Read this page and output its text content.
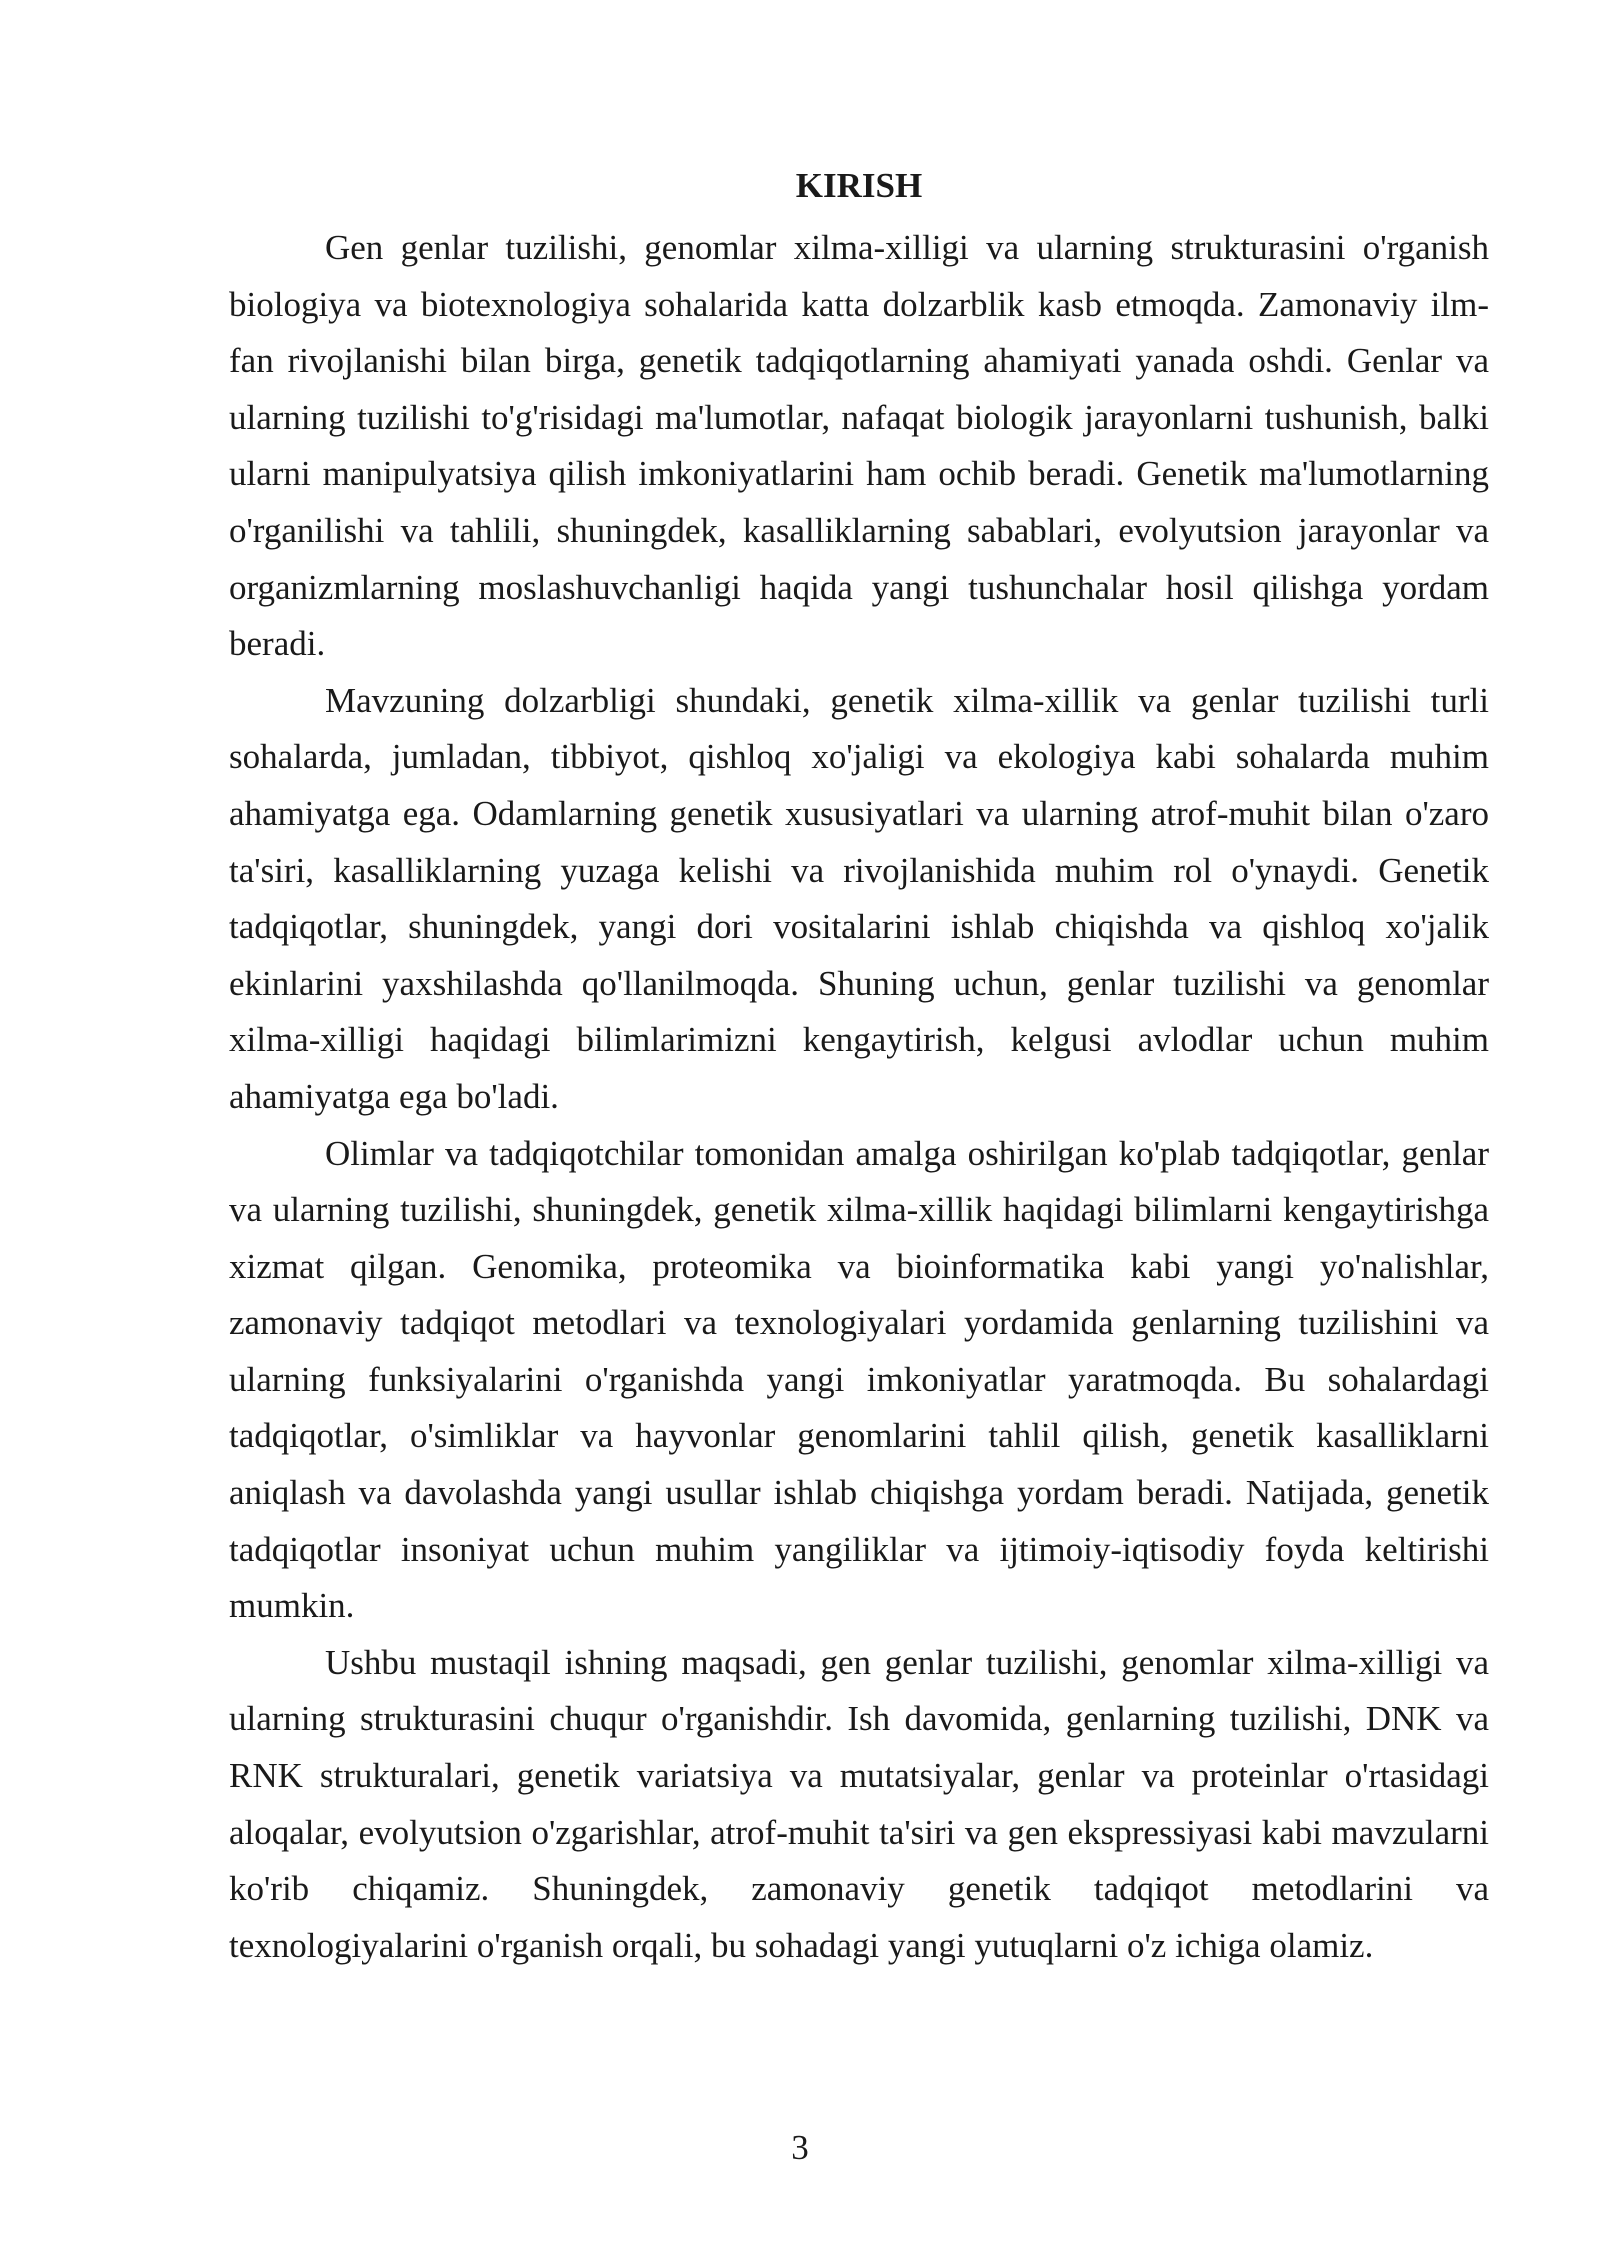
KIRISH

Gen genlar tuzilishi, genomlar xilma-xilligi va ularning strukturasini o'rganish biologiya va biotexnologiya sohalarida katta dolzarblik kasb etmoqda. Zamonaviy ilm-fan rivojlanishi bilan birga, genetik tadqiqotlarning ahamiyati yanada oshdi. Genlar va ularning tuzilishi to'g'risidagi ma'lumotlar, nafaqat biologik jarayonlarni tushunish, balki ularni manipulyatsiya qilish imkoniyatlarini ham ochib beradi. Genetik ma'lumotlarning o'rganilishi va tahlili, shuningdek, kasalliklarning sabablari, evolyutsion jarayonlar va organizmlarning moslashuvchanligi haqida yangi tushunchalar hosil qilishga yordam beradi.

Mavzuning dolzarbligi shundaki, genetik xilma-xillik va genlar tuzilishi turli sohalarda, jumladan, tibbiyot, qishloq xo'jaligi va ekologiya kabi sohalarda muhim ahamiyatga ega. Odamlarning genetik xususiyatlari va ularning atrof-muhit bilan o'zaro ta'siri, kasalliklarning yuzaga kelishi va rivojlanishida muhim rol o'ynaydi. Genetik tadqiqotlar, shuningdek, yangi dori vositalarini ishlab chiqishda va qishloq xo'jalik ekinlarini yaxshilashda qo'llanilmoqda. Shuning uchun, genlar tuzilishi va genomlar xilma-xilligi haqidagi bilimlarimizni kengaytirish, kelgusi avlodlar uchun muhim ahamiyatga ega bo'ladi.

Olimlar va tadqiqotchilar tomonidan amalga oshirilgan ko'plab tadqiqotlar, genlar va ularning tuzilishi, shuningdek, genetik xilma-xillik haqidagi bilimlarni kengaytirishga xizmat qilgan. Genomika, proteomika va bioinformatika kabi yangi yo'nalishlar, zamonaviy tadqiqot metodlari va texnologiyalari yordamida genlarning tuzilishini va ularning funksiyalarini o'rganishda yangi imkoniyatlar yaratmoqda. Bu sohalardagi tadqiqotlar, o'simliklar va hayvonlar genomlarini tahlil qilish, genetik kasalliklarni aniqlash va davolashda yangi usullar ishlab chiqishga yordam beradi. Natijada, genetik tadqiqotlar insoniyat uchun muhim yangiliklar va ijtimoiy-iqtisodiy foyda keltirishi mumkin.

Ushbu mustaqil ishning maqsadi, gen genlar tuzilishi, genomlar xilma-xilligi va ularning strukturasini chuqur o'rganishdir. Ish davomida, genlarning tuzilishi, DNK va RNK strukturalari, genetik variatsiya va mutatsiyalar, genlar va proteinlar o'rtasidagi aloqalar, evolyutsion o'zgarishlar, atrof-muhit ta'siri va gen ekspressiyasi kabi mavzularni ko'rib chiqamiz. Shuningdek, zamonaviy genetik tadqiqot metodlarini va texnologiyalarini o'rganish orqali, bu sohadagi yangi yutuqlarni o'z ichiga olamiz.

3
